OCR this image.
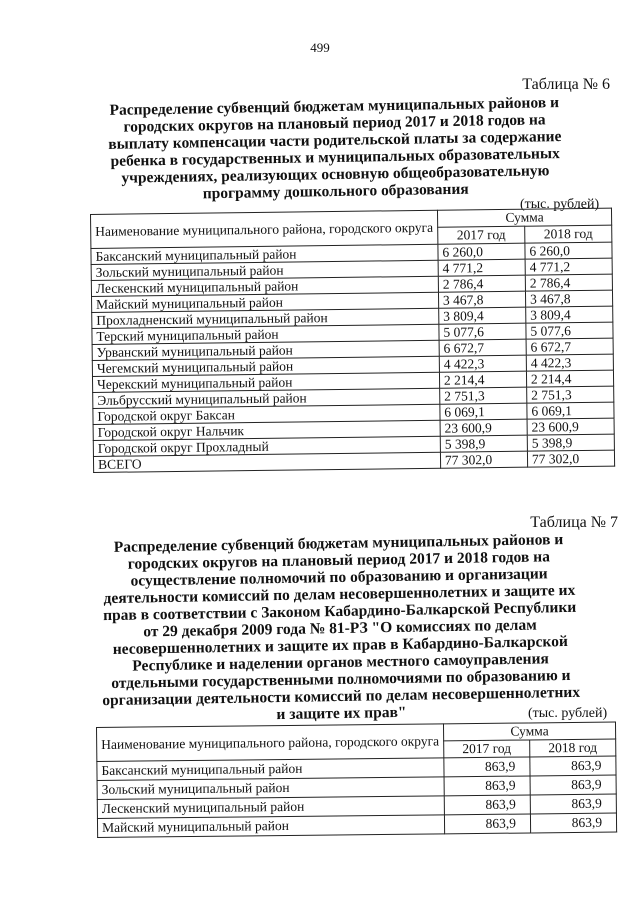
499
Таблица № 6

Распределение субвенций бюджетам муниципальных районов и городских округов на плановый период 2017 и 2018 годов на выплату компенсации части родительской платы за содержание ребенка в государственных и муниципальных образовательных учреждениях, реализующих основную общеобразовательную программу дошкольного образования

(тыс. рублей)
Наименование муниципального района, городского округа	Сумма	
	2017 год	2018 год
Баксанский муниципальный район	6 260,0	6 260,0
Зольский муниципальный район	4 771,2	4 771,2
Лескенский муниципальный район	2 786,4	2 786,4
Майский муниципальный район	3 467,8	3 467,8
Прохладненский муниципальный район	3 809,4	3 809,4
Терский муниципальный район	5 077,6	5 077,6
Урванский муниципальный район	6 672,7	6 672,7
Чегемский муниципальный район	4 422,3	4 422,3
Черекский муниципальный район	2 214,4	2 214,4
Эльбрусский муниципальный район	2 751,3	2 751,3
Городской округ Баксан	6 069,1	6 069,1
Городской округ Нальчик	23 600,9	23 600,9
Городской округ Прохладный	5 398,9	5 398,9
ВСЕГО	77 302,0	77 302,0
Таблица № 7

Распределение субвенций бюджетам муниципальных районов и городских округов на плановый период 2017 и 2018 годов на осуществление полномочий по образованию и организации деятельности комиссий по делам несовершеннолетних и защите их прав в соответствии с Законом Кабардино-Балкарской Республики от 29 декабря 2009 года № 81-РЗ "О комиссиях по делам несовершеннолетних и защите их прав в Кабардино-Балкарской Республике и наделении органов местного самоуправления отдельными государственными полномочиями по образованию и организации деятельности комиссий по делам несовершеннолетних и защите их прав"	(тыс. рублей)
Наименование муниципального района, городского округа	Сумма	
	2017 год	2018 год
Баксанский муниципальный район	863,9	863,9
Зольский муниципальный район	863,9	863,9
Лескенский муниципальный район	863,9	863,9
Майский муниципальный район	863,9	863,9
